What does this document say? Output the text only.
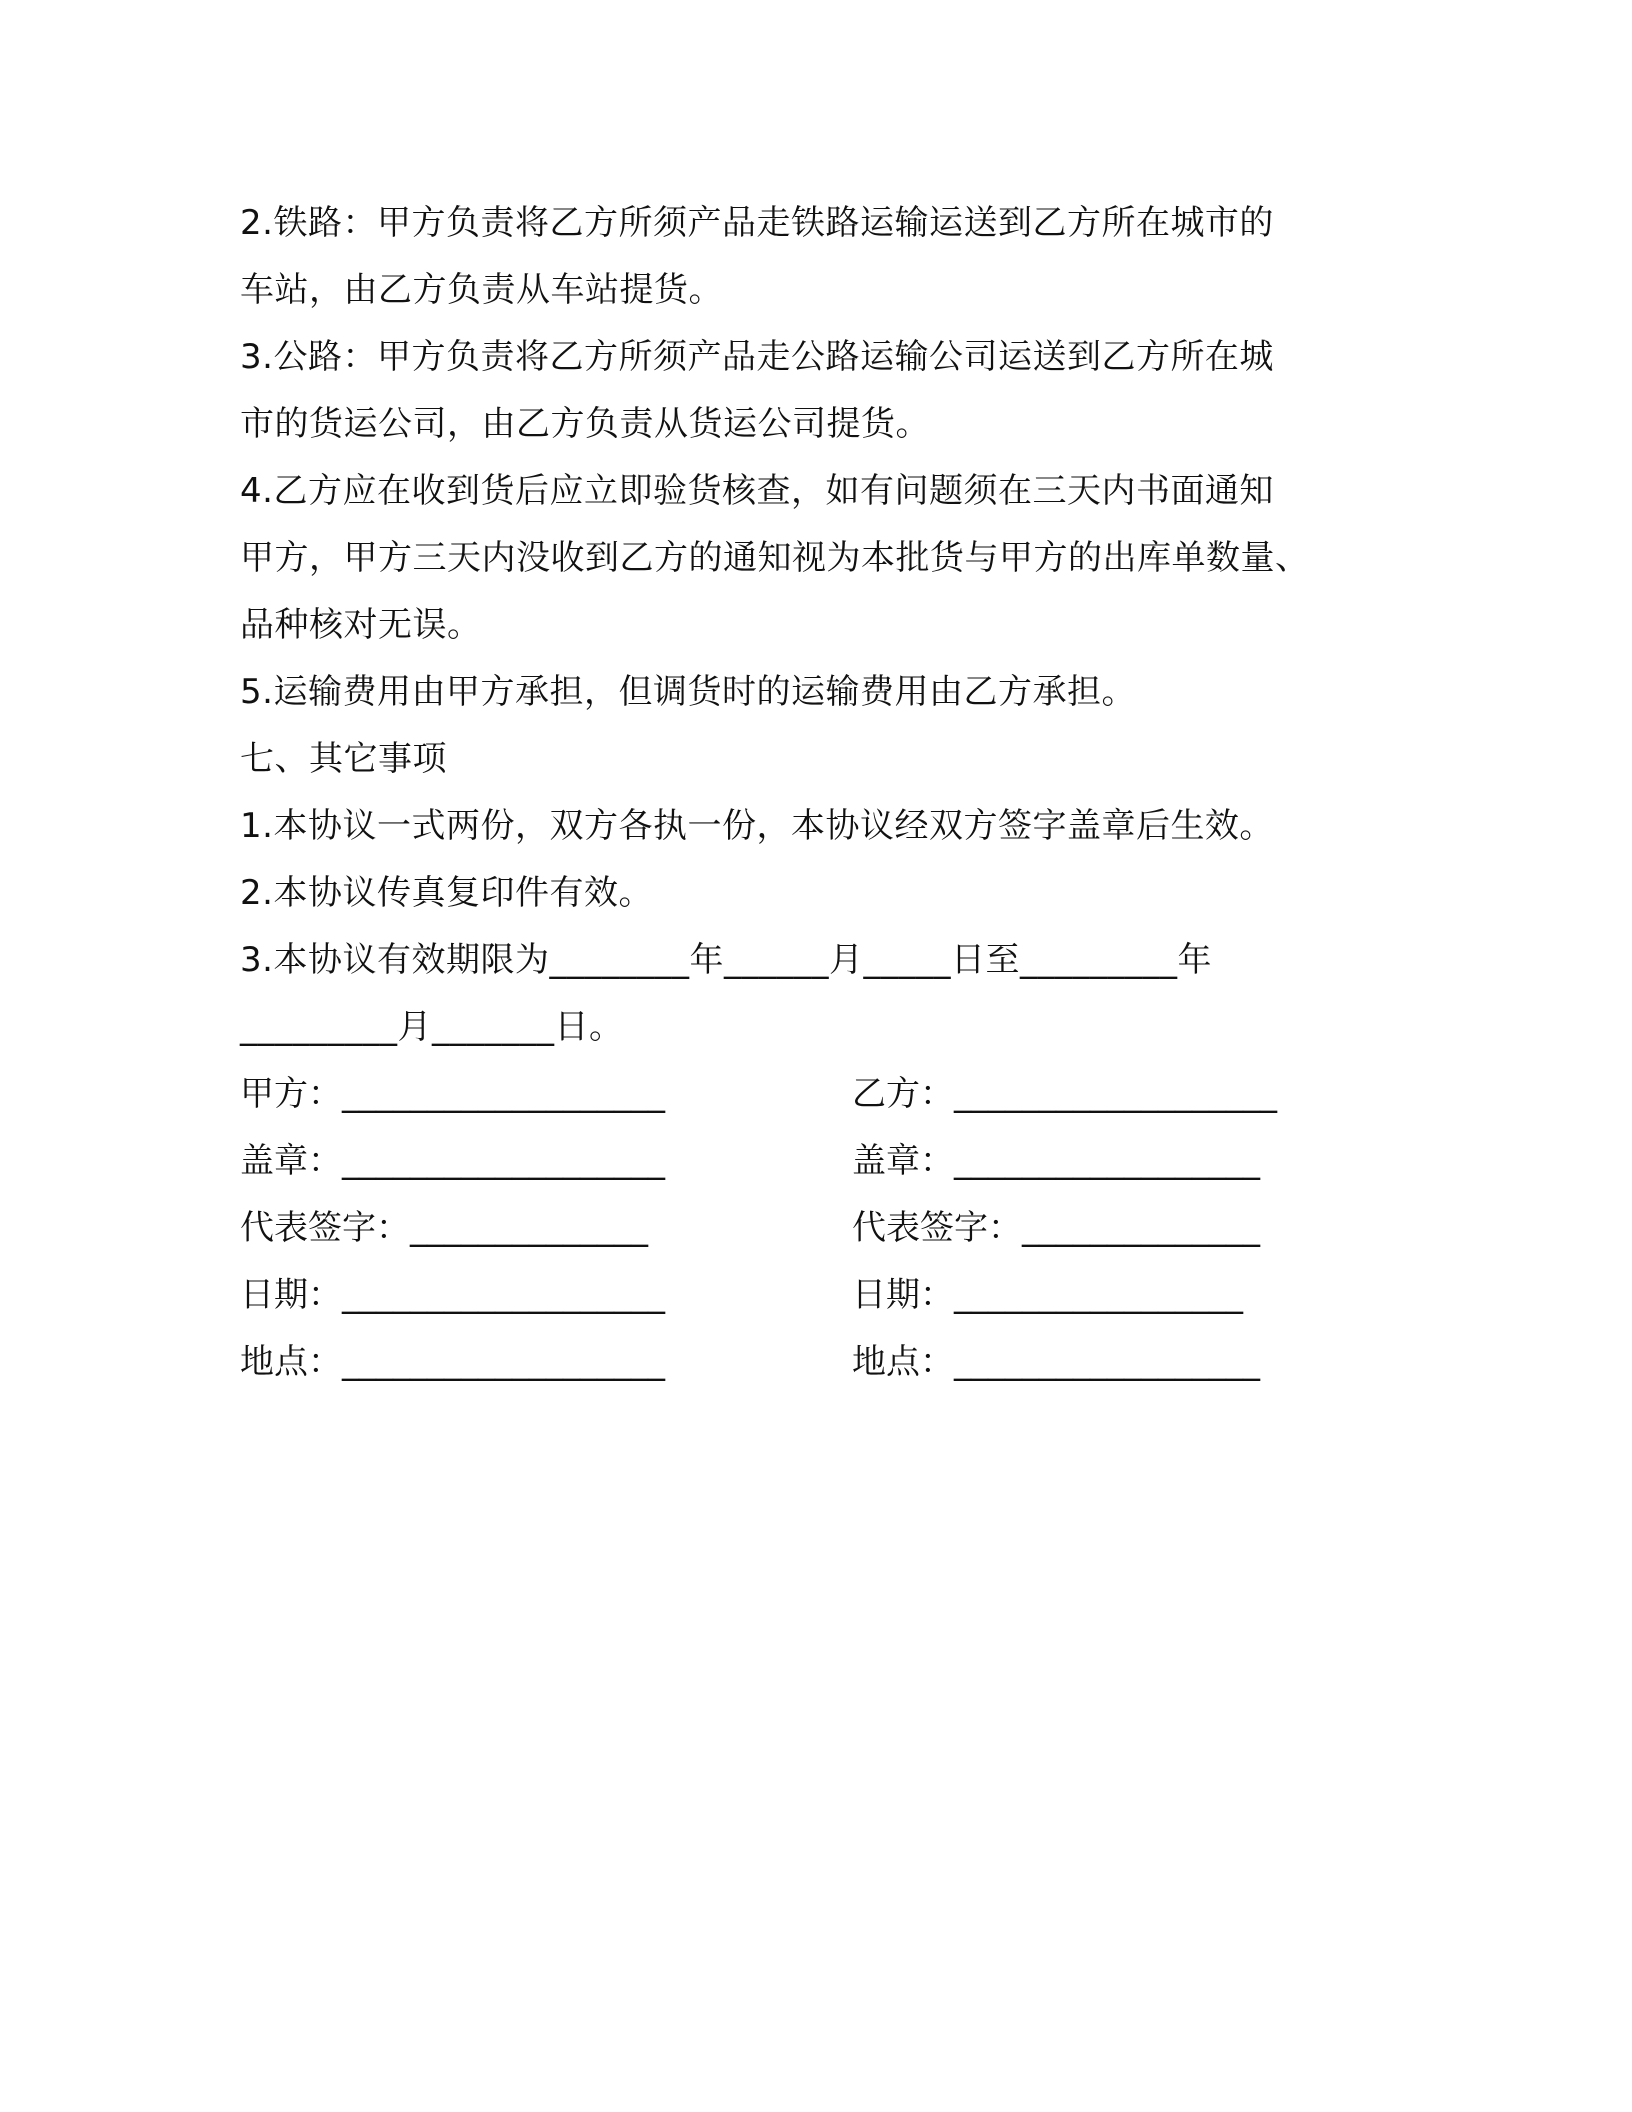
2.铁路：甲方负责将乙方所须产品走铁路运输运送到乙方所在城市的
车站，由乙方负责从车站提货。
3.公路：甲方负责将乙方所须产品走公路运输公司运送到乙方所在城
市的货运公司，由乙方负责从货运公司提货。
4.乙方应在收到货后应立即验货核查，如有问题须在三天内书面通知
甲方，甲方三天内没收到乙方的通知视为本批货与甲方的出库单数量、
品种核对无误。
5.运输费用由甲方承担，但调货时的运输费用由乙方承担。
七、其它事项
1.本协议一式两份，双方各执一份，本协议经双方签字盖章后生效。
2.本协议传真复印件有效。
3.本协议有效期限为________年______月_____日至_________年
_________月_______日。
甲方：___________________	乙方：___________________
盖章：___________________	盖章：__________________
代表签字：______________	代表签字：______________
日期：___________________	日期：_________________
地点：___________________	地点：__________________
